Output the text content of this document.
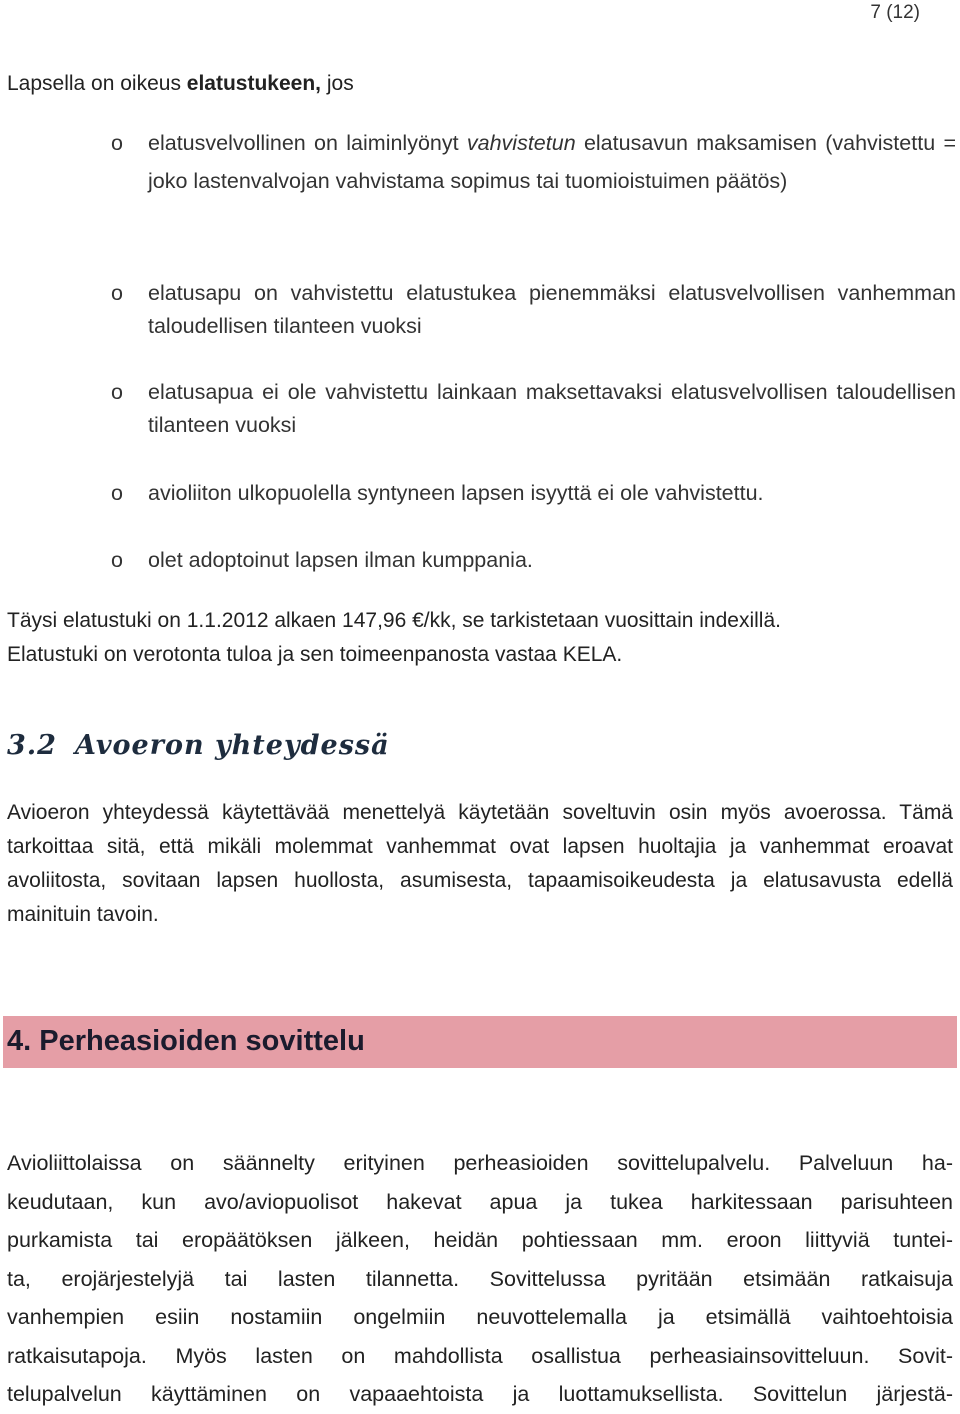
7 (12)

Lapsella on oikeus elatustukeen, jos

o elatusvelvollinen on laiminlyönyt vahvistetun elatusavun maksamisen (vahvistettu = joko lastenvalvojan vahvistama sopimus tai tuomioistuimen päätös)
o elatusapu on vahvistettu elatustukea pienemmäksi elatusvelvollisen vanhemman taloudellisen tilanteen vuoksi
o elatusapua ei ole vahvistettu lainkaan maksettavaksi elatusvelvollisen taloudellisen tilanteen vuoksi
o avioliiton ulkopuolella syntyneen lapsen isyyttä ei ole vahvistettu.
o olet adoptoinut lapsen ilman kumppania.
Täysi elatustuki on 1.1.2012 alkaen 147,96 €/kk, se tarkistetaan vuosittain indexillä.
Elatustuki on verotonta tuloa ja sen toimeenpanosta vastaa KELA.
3.2 Avoeron yhteydessä

Avioeron yhteydessä käytettävää menettelyä käytetään soveltuvin osin myös avoerossa. Tämä tarkoittaa sitä, että mikäli molemmat vanhemmat ovat lapsen huoltajia ja vanhemmat eroavat avoliitosta, sovitaan lapsen huollosta, asumisesta, tapaamisoikeudesta ja elatusavusta edellä mainituin tavoin.

4. Perheasioiden sovittelu
Avioliittolaissa on säännelty erityinen perheasioiden sovittelupalvelu. Palveluun ha-
keudutaan, kun avo/aviopuolisot hakevat apua ja tukea harkitessaan parisuhteen
purkamista tai eropäätöksen jälkeen, heidän pohtiessaan mm. eroon liittyviä tuntei-
ta, erojärjestelyjä tai lasten tilannetta. Sovittelussa pyritään etsimään ratkaisuja
vanhempien esiin nostamiin ongelmiin neuvottelemalla ja etsimällä vaihtoehtoisia
ratkaisutapoja. Myös lasten on mahdollista osallistua perheasiainsovitteluun. Sovit-
telupalvelun käyttäminen on vapaaehtoista ja luottamuksellista. Sovittelun järjestä-
